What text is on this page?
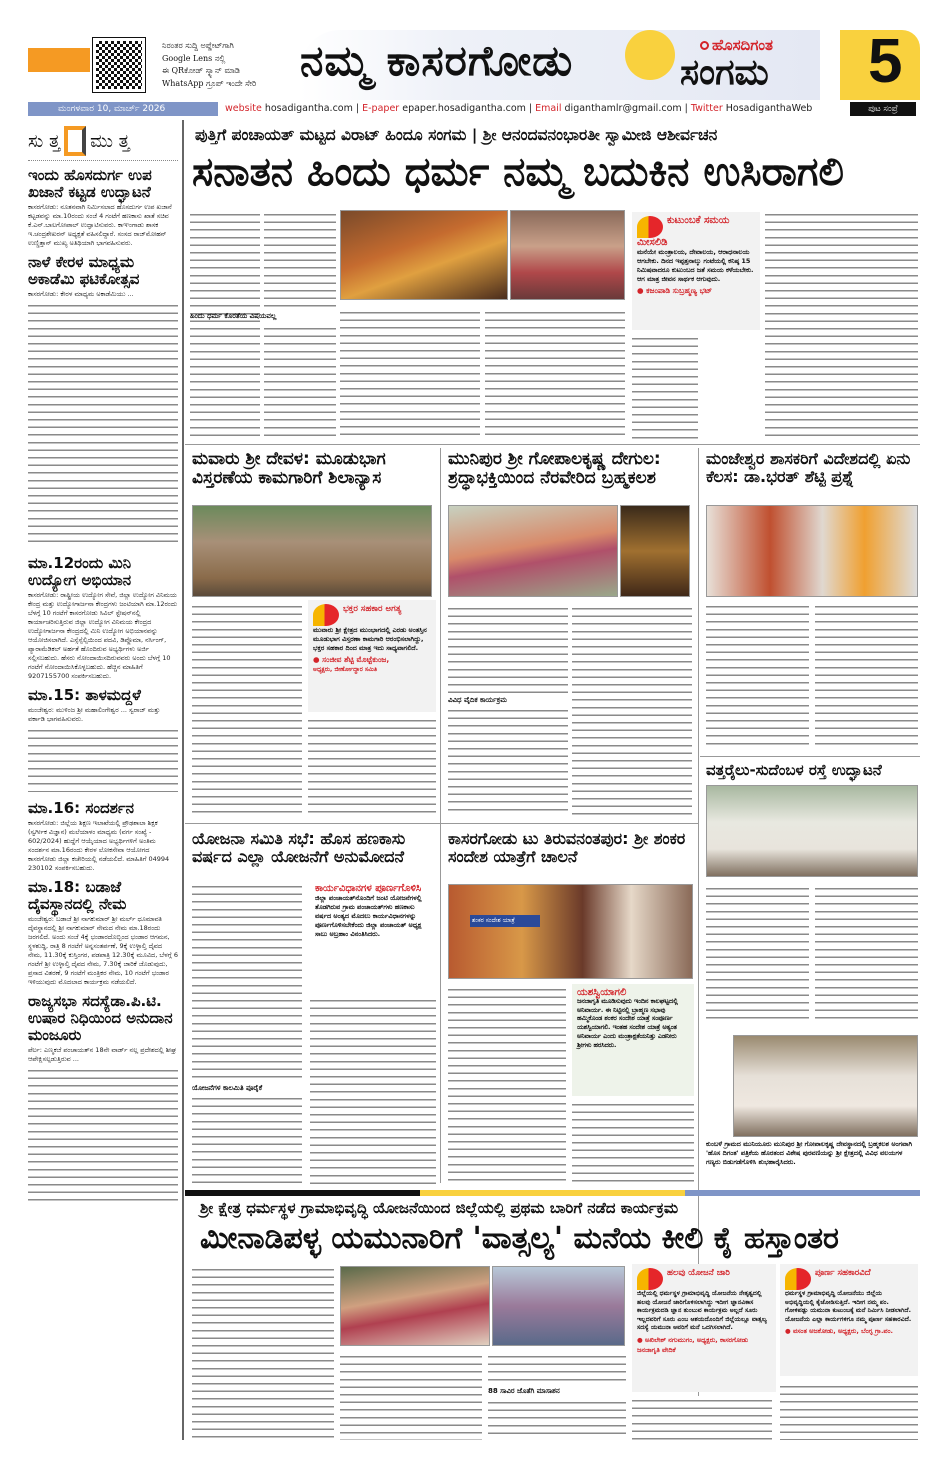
ನಿರಂತರ ಸುದ್ದಿ ಅಪ್ಡೇಟ್‌ಗಾಗಿ
Google Lens ನಲ್ಲಿ
ಈ QRಕೋಡ್ ಸ್ಕ್ಯಾನ್ ಮಾಡಿ
WhatsApp ಗ್ರೂಪ್ ಇಂದೇ ಸೇರಿ ನಮ್ಮ ಕಾಸರಗೋಡು	ಹೊಸದಿಗಂತ
ಸಂಗಮ 5
ಮಂಗಳವಾರ 10, ಮಾರ್ಚ್ 2026	website hosadigantha.com | E-paper epaper.hosadigantha.com | Email diganthamlr@gmail.com | Twitter HosadiganthaWeb	ಪುಟ ಸಂಪ್ರೆ
ಸು ತ್ತ ಮು ತ್ತ
ಇಂದು ಹೊಸದುರ್ಗ ಉಪ ಖಜಾನೆ ಕಟ್ಟಡ ಉದ್ಘಾಟನೆ
ಕಾಸರಗೋಡು: ನೂತನವಾಗಿ ನಿರ್ಮಿಸಲಾದ ಹೊಸದುರ್ಗ ಉಪ ಖಜಾನೆ ಕಟ್ಟಡವನ್ನು ಮಾ.10ರಂದು ಸಂಜೆ 4 ಗಂಟೆಗೆ ಹಣಕಾಸು ಖಾತೆ ಸಚಿವ ಕೆ.ಎನ್.ಬಾಲಗೋಪಾಲ್ ಉದ್ಘಾಟಿಸುವರು. ಕಾಞಂಗಾಡು ಶಾಸಕ ಇ.ಚಂದ್ರಶೇಖರನ್ ಅಧ್ಯಕ್ಷತೆ ವಹಿಸಲಿದ್ದಾರೆ. ಸಂಸದ ರಾಜ್‌ಮೋಹನ್ ಉಣ್ಣಿತ್ತಾನ್ ಮುಖ್ಯ ಅತಿಥಿಯಾಗಿ ಭಾಗವಹಿಸುವರು.
ನಾಳೆ ಕೇರಳ ಮಾಧ್ಯಮ ಅಕಾಡೆಮಿ ಫಟಿಕೋತ್ಸವ
ಕಾಸರಗೋಡು: ಕೇರಳ ಮಾಧ್ಯಮ ಅಕಾಡೆಮಿಯು ...
ಮಾ.12ರಂದು ಮಿನಿ ಉದ್ಯೋಗ ಅಭಿಯಾನ
ಕಾಸರಗೋಡು: ರಾಷ್ಟ್ರೀಯ ಉದ್ಯೋಗ ಸೇವೆ, ಜಿಲ್ಲಾ ಉದ್ಯೋಗ ವಿನಿಮಯ ಕೇಂದ್ರ ಮತ್ತು ಉದ್ಯೋಗಾರ್ಜನಾ ಕೇಂದ್ರಗಳು ಜಂಟಿಯಾಗಿ ಮಾ.12ರಂದು ಬೆಳಗ್ಗೆ 10 ಗಂಟೆಗೆ ಕಾಸರಗೋಡು ಸಿವಿಲ್ ಸ್ಟೇಷನ್‌ನಲ್ಲಿ ಕಾರ್ಯಾಚರಿಸುತ್ತಿರುವ ಜಿಲ್ಲಾ ಉದ್ಯೋಗ ವಿನಿಮಯ ಕೇಂದ್ರದ ಉದ್ಯೋಗಾರ್ಜನಾ ಕೇಂದ್ರದಲ್ಲಿ ಮಿನಿ ಉದ್ಯೋಗ ಅಭಿಯಾನವನ್ನು ಆಯೋಜಿಸಲಾಗಿದೆ. ಎಸ್ಸೆಸ್ಸೆಲ್ಸಿಯಿಂದ ಪದವಿ, ಡಿಪ್ಲೊಮಾ, ನರ್ಸಿಂಗ್, ಪ್ಯಾರಾಮೆಡಿಕಲ್ ಅರ್ಹತೆ ಹೊಂದಿರುವ ಅಭ್ಯರ್ಥಿಗಳು ಅರ್ಜಿ ಸಲ್ಲಿಸಬಹುದು. ಹೆಸರು ನೋಂದಾಯಿಸದಿರುವವರು ಅಂದು ಬೆಳಗ್ಗೆ 10 ಗಂಟೆಗೆ ನೋಂದಾಯಿಸಿಕೊಳ್ಳಬಹುದು. ಹೆಚ್ಚಿನ ಮಾಹಿತಿಗೆ 9207155700 ಸಂಪರ್ಕಿಸಬಹುದು.
ಮಾ.15: ತಾಳಮದ್ದಳೆ
ಮಂಜೇಶ್ವರ: ಮುಳಿಂಜ ಶ್ರೀ ಮಹಾಲಿಂಗೇಶ್ವರ ... ಸ್ವರಾಜ್ ಮತ್ತು ವರ್ಕಾಡಿ ಭಾಗವಹಿಸುವರು.
ಮಾ.16: ಸಂದರ್ಶನ
ಕಾಸರಗೋಡು: ಜಿಲ್ಲೆಯ ಶಿಕ್ಷಣ ಇಲಾಖೆಯಲ್ಲಿ ಪ್ರೌಢಶಾಲಾ ಶಿಕ್ಷಕ (ಸ್ವರ್ಗೀಕ ವಿಜ್ಞಾನ) ಮಲೆಯಾಳಂ ಮಾಧ್ಯಮ (ವರ್ಗ ಸಂಖ್ಯೆ - 602/2024) ಹುದ್ದೆಗೆ ಆಯ್ಕೆಯಾದ ಅಭ್ಯರ್ಥಿಗಳಿಗೆ ಅಂತಿಮ ಸಂದರ್ಶನ ಮಾ.16ರಂದು ಕೇರಳ ಲೋಕಸೇವಾ ಆಯೋಗದ ಕಾಸರಗೋಡು ಜಿಲ್ಲಾ ಕಚೇರಿಯಲ್ಲಿ ನಡೆಯಲಿದೆ. ಮಾಹಿತಿಗೆ 04994 230102 ಸಂಪರ್ಕಿಸಬಹುದು.
ಮಾ.18: ಬಡಾಜೆ ದೈವಸ್ಥಾನದಲ್ಲಿ ನೇಮ
ಮಂಜೇಶ್ವರ: ಬಡಾಜೆ ಶ್ರೀ ನಾಗಕುಮಾರ್ ಶ್ರೀ ಮರ್ಲ್ ಧೂಮಾವತಿ ದೈವಸ್ಥಾನದಲ್ಲಿ ಶ್ರೀ ನಾಗಕುಮಾರ್ ನೇಮದ ನೇಮ ಮಾ.18ರಂದು ಜರಗಲಿದೆ. ಅಂದು ಸಂಜೆ 4ಕ್ಕೆ ಭಂಡಾರದೊಬ್ಬಿಂದ ಭಂಡಾರ ಆಗಮನ, ಸ್ಥಳಶುದ್ಧಿ, ರಾತ್ರಿ 8 ಗಂಟೆಗೆ ಅನ್ನಸಂತರ್ಪಣೆ, 9ಕ್ಕೆ ಉಳ್ಳಾಲ್ತಿ ದೈವದ ನೇಮ, 11.30ಕ್ಕೆ ಕುಸ್ತಿಂಗರ, ಪಡಪಾತ್ರಿ 12.30ಕ್ಕೆ ಮೂವಿದ, ಬೆಳಗ್ಗೆ 6 ಗಂಟೆಗೆ ಶ್ರೀ ಉಳ್ಳಾಲ್ತಿ ದೈವದ ನೇಮ, 7.30ಕ್ಕೆ ಜಾರಿಕೆ ಜೊಡುವುದು, ಪ್ರಸಾದ ವಿತರಣೆ, 9 ಗಂಟೆಗೆ ಮಂತ್ರಿಕರ ನೇಮ, 10 ಗಂಟೆಗೆ ಭಂಡಾರ ಇಳಿಯುವುದು ಮೊದಲಾದ ಕಾರ್ಯಕ್ರಮ ನಡೆಯಲಿದೆ.
ರಾಜ್ಯಸಭಾ ಸದಸ್ಯೆಡಾ.ಪಿ.ಟಿ. ಉಷಾರ ನಿಧಿಯಿಂದ ಅನುದಾನ ಮಂಜೂರು
ಪೆರ್ಲ: ಎಣ್ಮಕಜೆ ಪಂಚಾಯತ್‌ನ 18ನೇ ವಾರ್ಡ್ ನಲ್ಲ ಪ್ರದೇಶದಲ್ಲಿ ಶೀಘ್ರ ಆಪೇಕ್ಷಿಸಲ್ಪಡುತ್ತಿರುವ ...
ಪುತ್ತಿಗೆ ಪಂಚಾಯತ್ ಮಟ್ಟದ ವಿರಾಟ್ ಹಿಂದೂ ಸಂಗಮ | ಶ್ರೀ ಆನಂದವನಂಭಾರತೀ ಸ್ವಾಮೀಜಿ ಆಶೀರ್ವಚನ
ಸನಾತನ ಹಿಂದು ಧರ್ಮ ನಮ್ಮ ಬದುಕಿನ ಉಸಿರಾಗಲಿ
ಹಿಂದು ಧರ್ಮ ಕೊರತೆಯ ವಿಷಯವಲ್ಲ
ಕುಟುಂಬಕೆ ಸಮಯ ಮೀಸಲಿಡಿ
ಮನೆಯೇ ಮಂತ್ರಾಲಯ, ದೇವಾಲಯ, ಆರಾಧನಾಲಯ ಆಗಬೇಕು. ದಿನದ ಇಪ್ಪತ್ತನಾಲ್ಕು ಗಂಟೆಯಲ್ಲಿ ಕನಿಷ್ಠ 15 ನಿಮಿಷವಾದರೂ ಕುಟುಂಬದ ಜತೆ ಸಮಯ ಕಳೆಯಬೇಕು. ಆಗ ಮಾತ್ರ ಜೀವನ ಸಾರ್ಥಕ ಆಗುವುದು.
● ಕಜಂಪಾಡಿ ಸುಬ್ರಹ್ಮಣ್ಯ ಭಟ್
ಮವಾರು ಶ್ರೀ ದೇವಳ: ಮೂಡುಭಾಗ ವಿಸ್ತರಣೆಯ ಕಾಮಗಾರಿಗೆ ಶಿಲಾನ್ಯಾಸ
ಭಕ್ತರ ಸಹಕಾರ ಅಗತ್ಯ
ಮುವಾರು ಶ್ರೀ ಕ್ಷೇತ್ರದ ಮುಂಭಾಗದಲ್ಲಿ ಎರಡು ಅಂತಸ್ತಿನ ಮೂಡುಭಾಗ ವಿಸ್ತರಣಾ ಕಾಮಗಾರಿ ಆರಂಭಿಸಲಾಗಿದ್ದು, ಭಕ್ತರ ಸಹಕಾರ ದಿಂದ ಮಾತ್ರ ಇದು ಸಾಧ್ಯವಾಗಲಿದೆ.
● ಸಂಜೀವ ಶೆಟ್ಟಿ ಮೊಟ್ಟೆಕುಂಜ,
ಅಧ್ಯಕ್ಷರು, ಜೀರ್ಣೋದ್ಧಾರ ಸಮಿತಿ
ಮುನಿಪುರ ಶ್ರೀ ಗೋಪಾಲಕೃಷ್ಣ ದೇಗುಲ: ಶ್ರದ್ಧಾಭಕ್ತಿಯಿಂದ ನೆರವೇರಿದ ಬ್ರಹ್ಮಕಲಶ
ವಿವಿಧ ವೈದಿಕ ಕಾರ್ಯಕ್ರಮ
ಮಂಜೇಶ್ವರ ಶಾಸಕರಿಗೆ ವಿದೇಶದಲ್ಲಿ ಏನು ಕೆಲಸ: ಡಾ.ಭರತ್ ಶೆಟ್ಟಿ ಪ್ರಶ್ನೆ
ವತ್ತರೈಲು-ಸುದೆಂಬಳ ರಸ್ತೆ ಉದ್ಘಾಟನೆ
ಯೋಜನಾ ಸಮಿತಿ ಸಭೆ: ಹೊಸ ಹಣಕಾಸು ವರ್ಷದ ಎಲ್ಲಾ ಯೋಜನೆಗೆ ಅನುಮೋದನೆ
ಯೋಜನೆಗಳ ಕಾಲಮಿತಿ ಪೂರೈಕೆ
ಕಾರ್ಯವಿಧಾನಗಳ ಪೂರ್ಣಗೊಳಿಸಿ
ಜಿಲ್ಲಾ ಪಂಚಾಯತ್‌ನೊಂದಿಗೆ ಜಂಟಿ ಯೋಜನೆಗಳಲ್ಲಿ ತೊಡಗಿರುವ ಗ್ರಾಮ ಪಂಚಾಯತ್‌ಗಳು ಹಣಕಾಸು ವರ್ಷದ ಅಂತ್ಯದ ಮೊದಲು ಕಾರ್ಯವಿಧಾನಗಳನ್ನು ಪೂರ್ಣಗೊಳಿಸಬೇಕೆಂದು ಜಿಲ್ಲಾ ಪಂಚಾಯತ್ ಅಧ್ಯಕ್ಷ ಸಾಬು ಅಬ್ರಹಾಂ ವಿನಂತಿಸಿದರು.
ಕಾಸರಗೋಡು ಟು ತಿರುವನಂತಪುರ: ಶ್ರೀ ಶಂಕರ ಸಂದೇಶ ಯಾತ್ರೆಗೆ ಚಾಲನೆ
ಶಂಕರ ಸಂದೇಶ ಯಾತ್ರೆ
ಯಶಸ್ವಿಯಾಗಲಿ
ಜನಜಾಗೃತಿ ಮೂಡಿಸುವುದು ಇಂದಿನ ಕಾಲಘಟ್ಟದಲ್ಲಿ ಅನಿವಾರ್ಯ. ಈ ನಿಟ್ಟಿನಲ್ಲಿ ಬ್ರಾಹ್ಮಣ ಸಭಾವು ಹಮ್ಮಿಕೊಂಡ ಶಂಕರ ಸಂದೇಶ ಯಾತ್ರೆ ಸಂಪೂರ್ಣ ಯಶಸ್ವಿಯಾಗಲಿ. ಇಂತಹ ಸಂದೇಶ ಯಾತ್ರೆ ಅತ್ಯಂತ ಅನಿವಾರ್ಯ ಎಂದು ಮಂತ್ರಾಕ್ಷತೆಯನಿತ್ತು ಎಡನೀರು ಶ್ರೀಗಳು ಹರಸಿದರು.
ಕುಂಬಳೆ ಗ್ರಾಮದ ಮುನಿಯೂರು ಮುನಿಪುರ ಶ್ರೀ ಗೋಪಾಲಕೃಷ್ಣ ದೇವಸ್ಥಾನದಲ್ಲಿ ಬ್ರಹ್ಮಕಲಶ ಅಂಗವಾಗಿ 'ಹೊಸ ದಿಗಂತ' ಪತ್ರಿಕೆಯ ಹೊರತಂದ ವಿಶೇಷ ಪುರವಣಿಯನ್ನು ಶ್ರೀ ಕ್ಷೇತ್ರದಲ್ಲಿ ವಿವಿಧ ವಲಯಗಳ ಗಣ್ಯರು ಬಿಡುಗಡೆಗೊಳಿಸಿ ಶುಭಹಾರೈಸಿದರು.
ಶ್ರೀ ಕ್ಷೇತ್ರ ಧರ್ಮಸ್ಥಳ ಗ್ರಾಮಾಭಿವೃದ್ಧಿ ಯೋಜನೆಯಿಂದ ಜಿಲ್ಲೆಯಲ್ಲಿ ಪ್ರಥಮ ಬಾರಿಗೆ ನಡೆದ ಕಾರ್ಯಕ್ರಮ
ಮೀನಾಡಿಪಳ್ಳ ಯಮುನಾರಿಗೆ 'ವಾತ್ಸಲ್ಯ' ಮನೆಯ ಕೀಲಿ ಕೈ ಹಸ್ತಾಂತರ
88 ಸಾವಿರ ಜೊತೆಗಿ ಮಾಸಾಶನ
ಹಲವು ಯೋಜನೆ ಜಾರಿ
ಜಿಲ್ಲೆಯಲ್ಲಿ ಧರ್ಮಸ್ಥಳ ಗ್ರಾಮಾಭಿವೃದ್ಧಿ ಯೋಜನೆಯ ನೇತೃತ್ವದಲ್ಲಿ ಹಲವು ಯೋಜನೆ ಜಾರಿಗೊಳಿಸಲಾಗಿದ್ದು ಇದೀಗ ಜ್ಞಾನವಿಕಾಸ ಕಾರ್ಯಕ್ರಮದಡಿ ಜ್ಞಾನ ತುಂಬುವ ಕಾರ್ಯಕ್ರಮ ಅಲ್ಲದೆ ಸೂರು ಇಲ್ಲದವರಿಗೆ ಸೂರು ಎಂಬ ಆಶಯದೊಂದಿಗೆ ಜಿಲ್ಲೆಯಲ್ಲೂ ವಾತ್ಸಲ್ಯ ಸದಸ್ಯೆ ಯಮುನಾ ಅವರಿಗೆ ಮನೆ ಒದಗಿಸಲಾಗಿದೆ.
● ಅಖಿಲೇಶ್ ನಗುಮುಗಂ, ಅಧ್ಯಕ್ಷರು, ಕಾಸರಗೋಡು ಜನಜಾಗೃತಿ ವೇದಿಕೆ
ಪೂರ್ಣ ಸಹಕಾರವಿದೆ
ಧರ್ಮಸ್ಥಳ ಗ್ರಾಮಾಭಿವೃದ್ಧಿ ಯೋಜನೆಯು ಜಿಲ್ಲೆಯ ಅಭಿವೃದ್ಧಿಯಲ್ಲಿ ಕೈಜೋಡಿಸುತ್ತಿದೆ. ಇದೀಗ ನಮ್ಮ ಪಂ. ಗೋಳಿಪಡ್ಪು ಯಮುನಾ ಕುಟುಂಬಕ್ಕೆ ಮನೆ ನಿರ್ಮಿಸಿ ನೀಡಲಾಗಿದೆ. ಯೋಜನೆಯ ಎಲ್ಲಾ ಕಾರ್ಯಗಳಿಗೂ ನಮ್ಮ ಪೂರ್ಣ ಸಹಕಾರವಿದೆ.
● ವಸಂತ ಅಜಕೋಡು, ಅಧ್ಯಕ್ಷರು, ಬೆಂಗ್ಳ ಗ್ರಾ.ಪಂ.
